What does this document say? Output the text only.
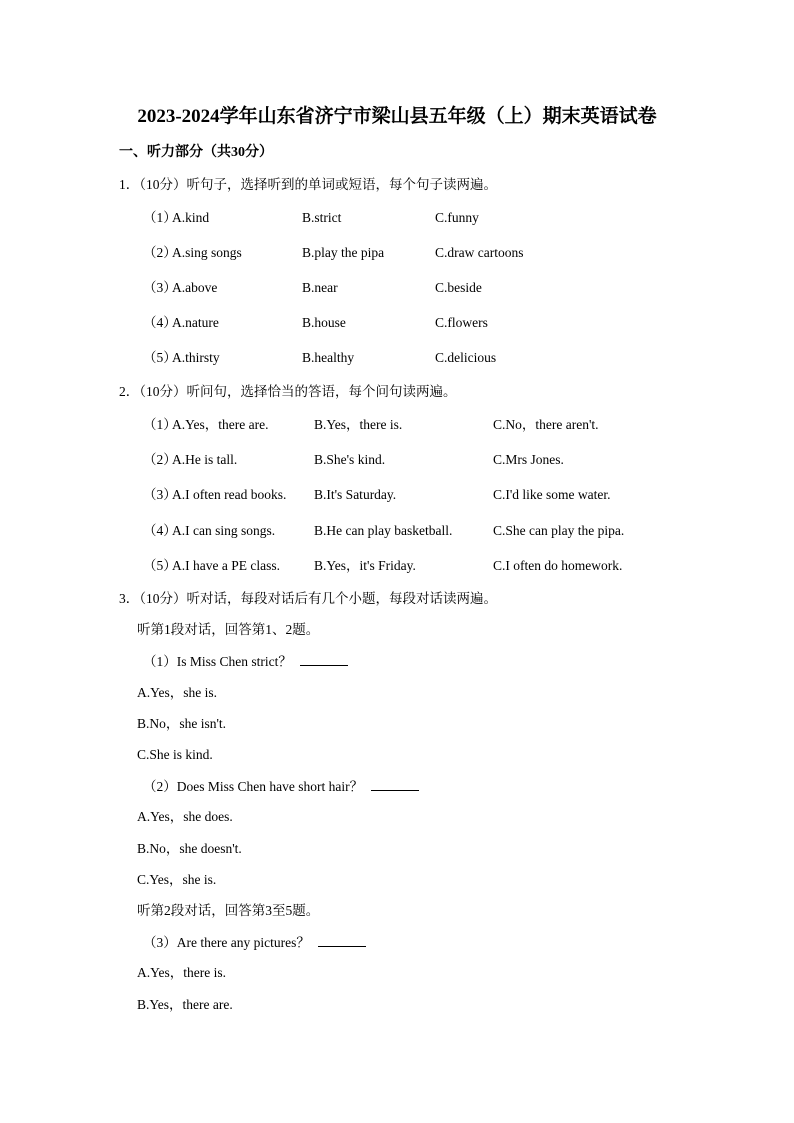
2023-2024学年山东省济宁市梁山县五年级（上）期末英语试卷
一、听力部分（共30分）
1．（10分）听句子，选择听到的单词或短语，每个句子读两遍。
（1）
A.kind	B.strict	C.funny
（2）
A.sing songs	B.play the pipa	C.draw cartoons
（3）
A.above	B.near	C.beside
（4）
A.nature	B.house	C.flowers
（5）
A.thirsty	B.healthy	C.delicious
2．（10分）听问句，选择恰当的答语，每个问句读两遍。
（1）
A.Yes，there are.	B.Yes，there is.	C.No，there aren't.
（2）
A.He is tall.	B.She's kind.	C.Mrs Jones.
（3）
A.I often read books. B.It's Saturday.	C.I'd like some water.
（4）
A.I can sing songs.	B.He can play basketball.	C.She can play the pipa.
（5）
A.I have a PE class.	B.Yes，it's Friday.	C.I often do homework.
3．（10分）听对话，每段对话后有几个小题，每段对话读两遍。
听第1段对话，回答第1、2题。
（1）Is Miss Chen strict？
A.Yes，she is.
B.No，she isn't.
C.She is kind.
（2）Does Miss Chen have short hair？
A.Yes，she does.
B.No，she doesn't.
C.Yes，she is.
听第2段对话，回答第3至5题。
（3）Are there any pictures？
A.Yes，there is.
B.Yes，there are.
